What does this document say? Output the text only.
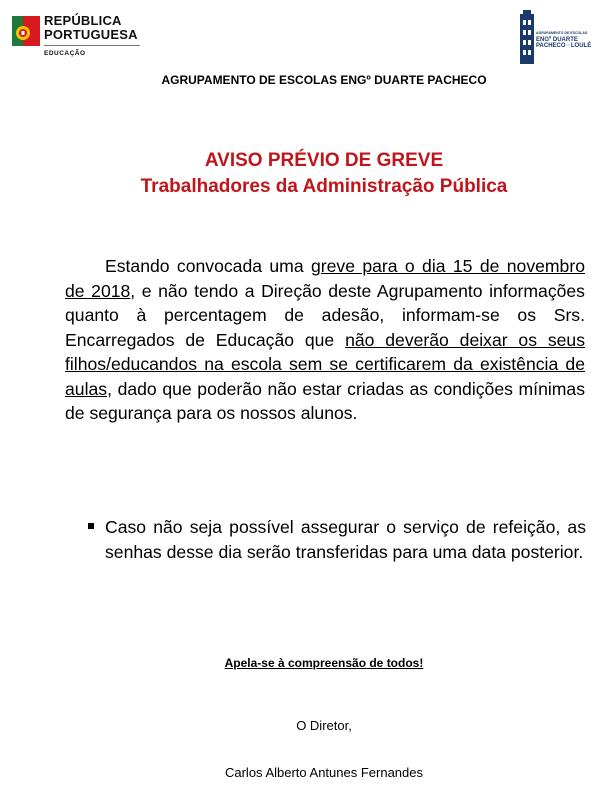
REPÚBLICA
PORTUGUESA
EDUCAÇÃO
AGRUPAMENTO DE ESCOLAS
ENGº DUARTE
PACHECO · LOULÉ
AGRUPAMENTO DE ESCOLAS ENGº DUARTE PACHECO
AVISO PRÉVIO DE GREVE
Trabalhadores da Administração Pública
Estando convocada uma greve para o dia 15 de novembro de 2018, e não tendo a Direção deste Agrupamento informações quanto à percentagem de adesão, informam-se os Srs. Encarregados de Educação que não deverão deixar os seus filhos/educandos na escola sem se certificarem da existência de aulas, dado que poderão não estar criadas as condições mínimas de segurança para os nossos alunos.
Caso não seja possível assegurar o serviço de refeição, as senhas desse dia serão transferidas para uma data posterior.
Apela-se à compreensão de todos!
O Diretor,
Carlos Alberto Antunes Fernandes
